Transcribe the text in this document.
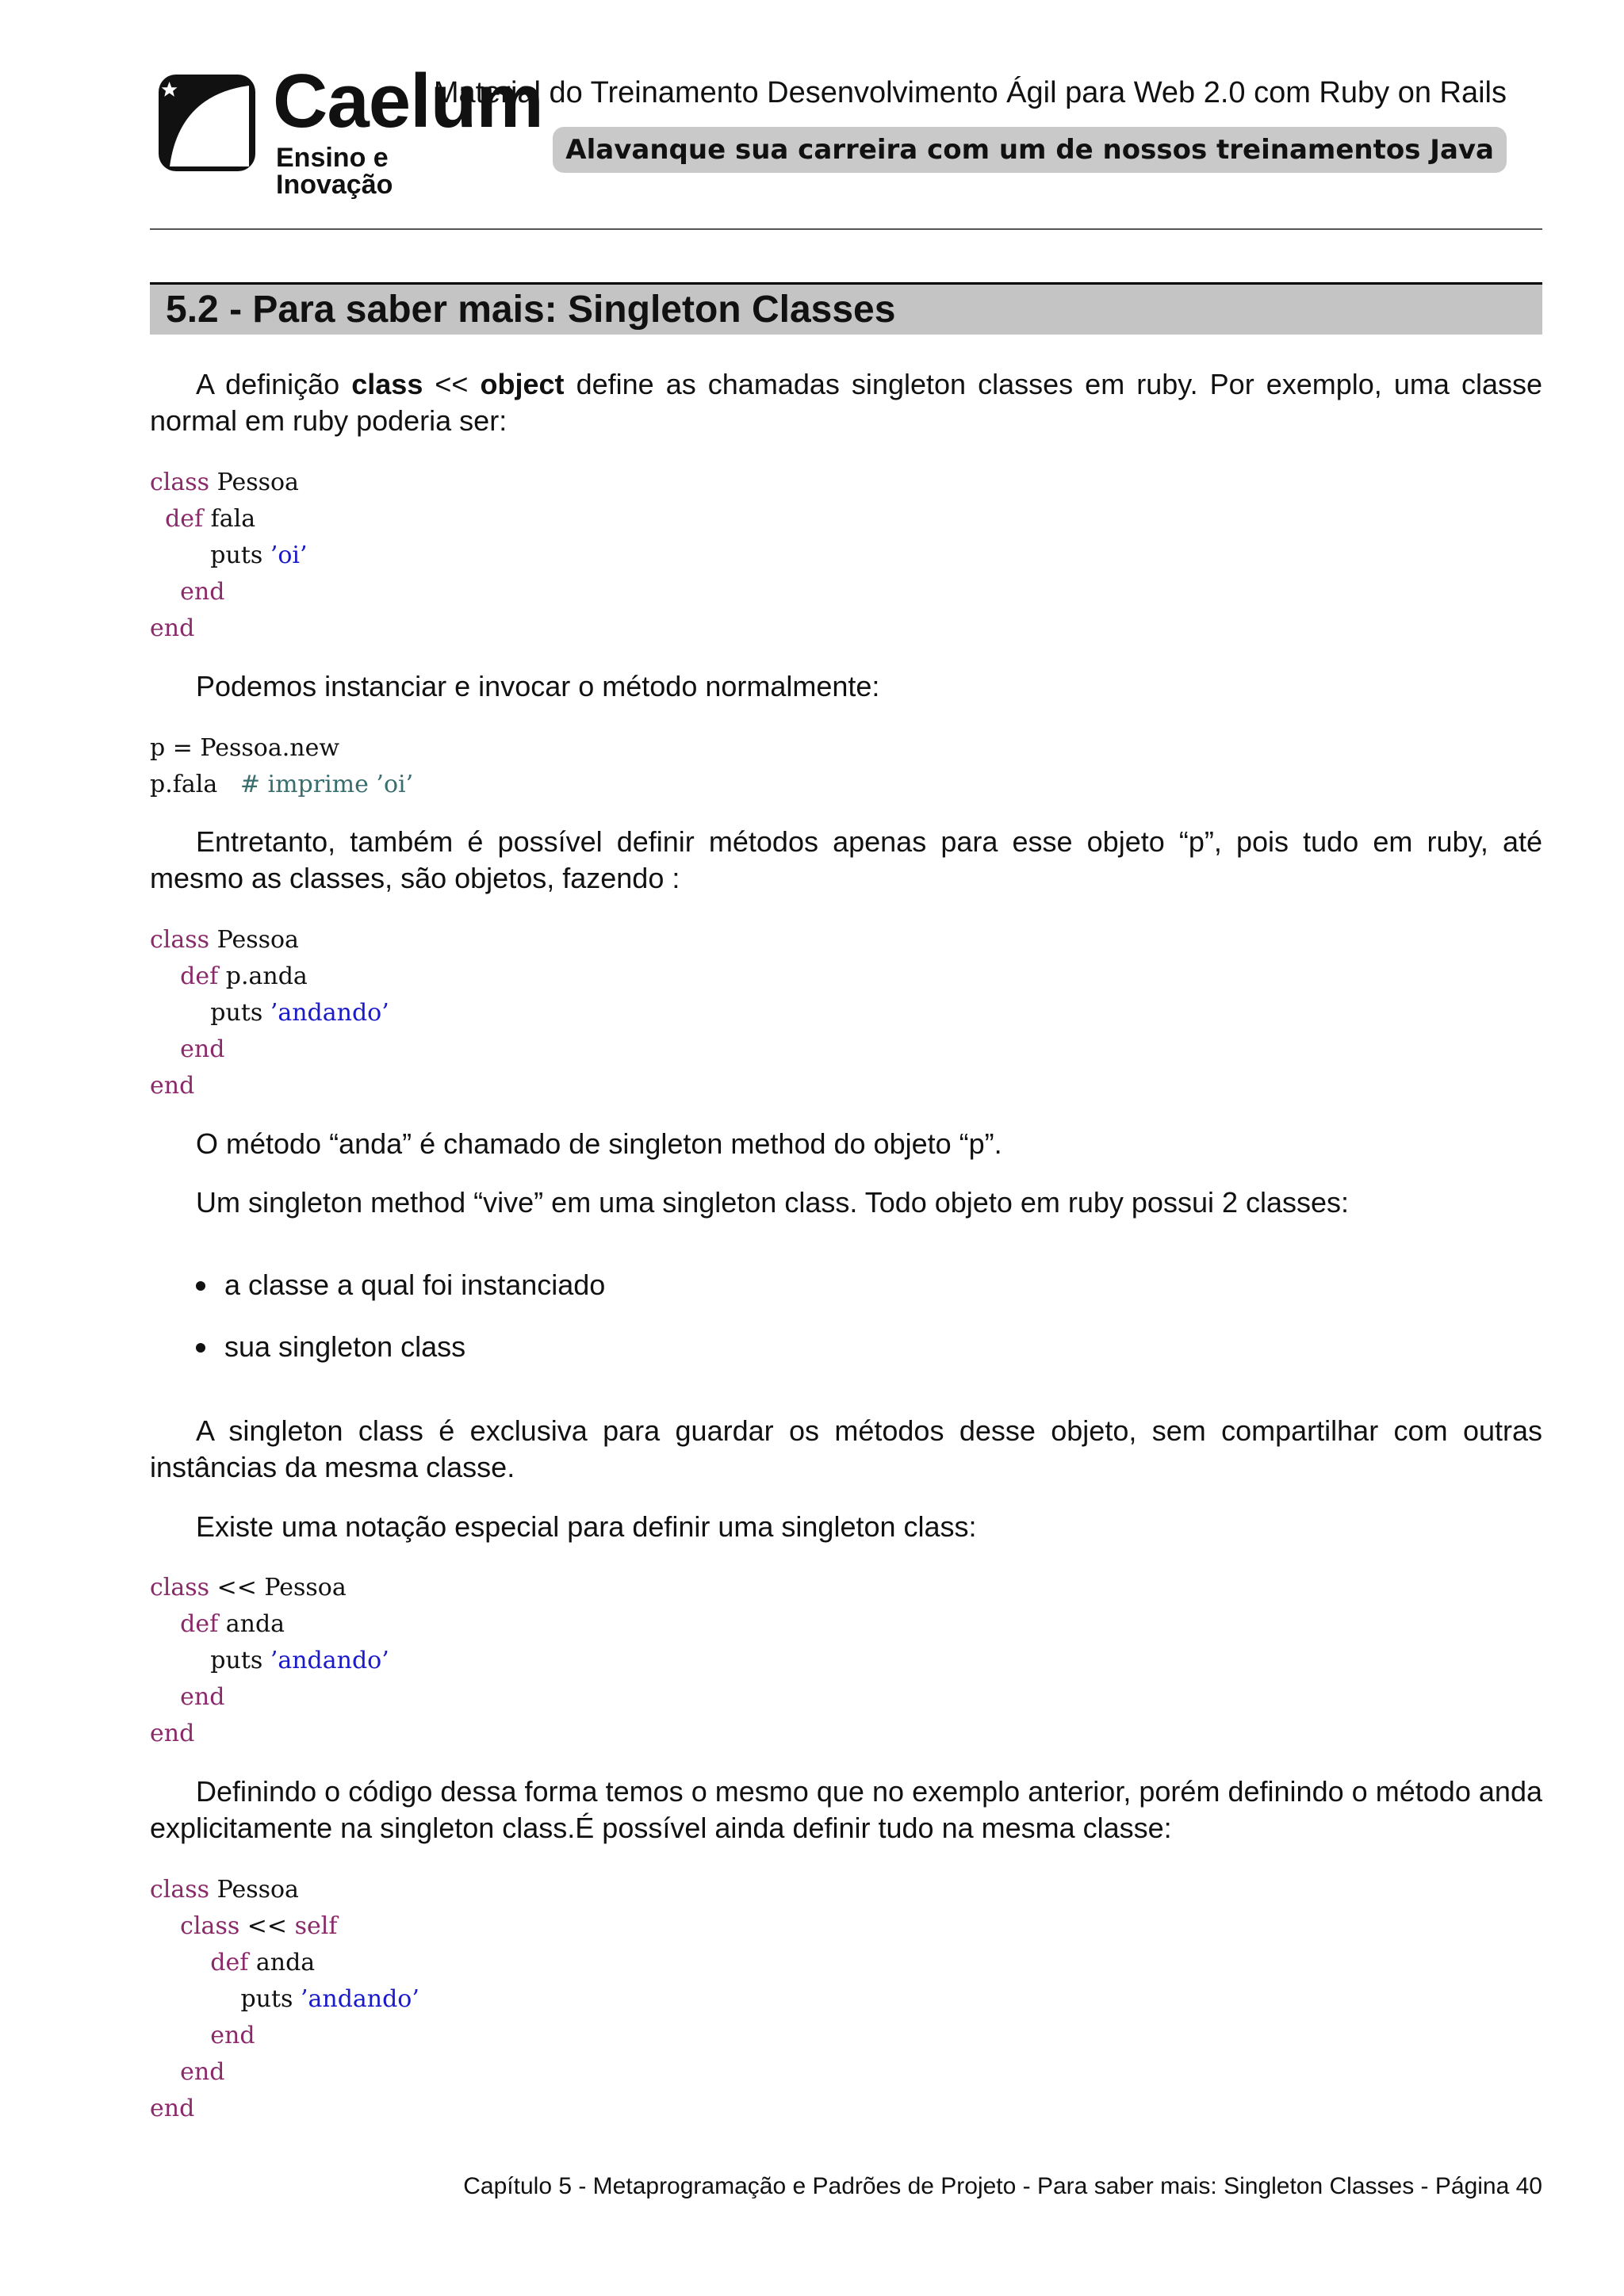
Caelum
Ensino e Inovação
Material do Treinamento Desenvolvimento Ágil para Web 2.0 com Ruby on Rails
Alavanque sua carreira com um de nossos treinamentos Java
5.2 - Para saber mais: Singleton Classes

A definição class << object define as chamadas singleton classes em ruby. Por exemplo, uma classe normal em ruby poderia ser:

class Pessoa
def fala
puts ’oi’
end
end

Podemos instanciar e invocar o método normalmente:

p = Pessoa.new
p.fala   # imprime ’oi’

Entretanto, também é possível definir métodos apenas para esse objeto “p”, pois tudo em ruby, até mesmo as classes, são objetos, fazendo :

class Pessoa
def p.anda
puts ’andando’
end
end

O método “anda” é chamado de singleton method do objeto “p”.

Um singleton method “vive” em uma singleton class. Todo objeto em ruby possui 2 classes:

a classe a qual foi instanciado
sua singleton class

A singleton class é exclusiva para guardar os métodos desse objeto, sem compartilhar com outras instâncias da mesma classe.

Existe uma notação especial para definir uma singleton class:

class << Pessoa
def anda
puts ’andando’
end
end

Definindo o código dessa forma temos o mesmo que no exemplo anterior, porém definindo o método anda explicitamente na singleton class.É possível ainda definir tudo na mesma classe:

class Pessoa
class << self
def anda
puts ’andando’
end
end
end
Capítulo 5 - Metaprogramação e Padrões de Projeto - Para saber mais: Singleton Classes - Página 40
